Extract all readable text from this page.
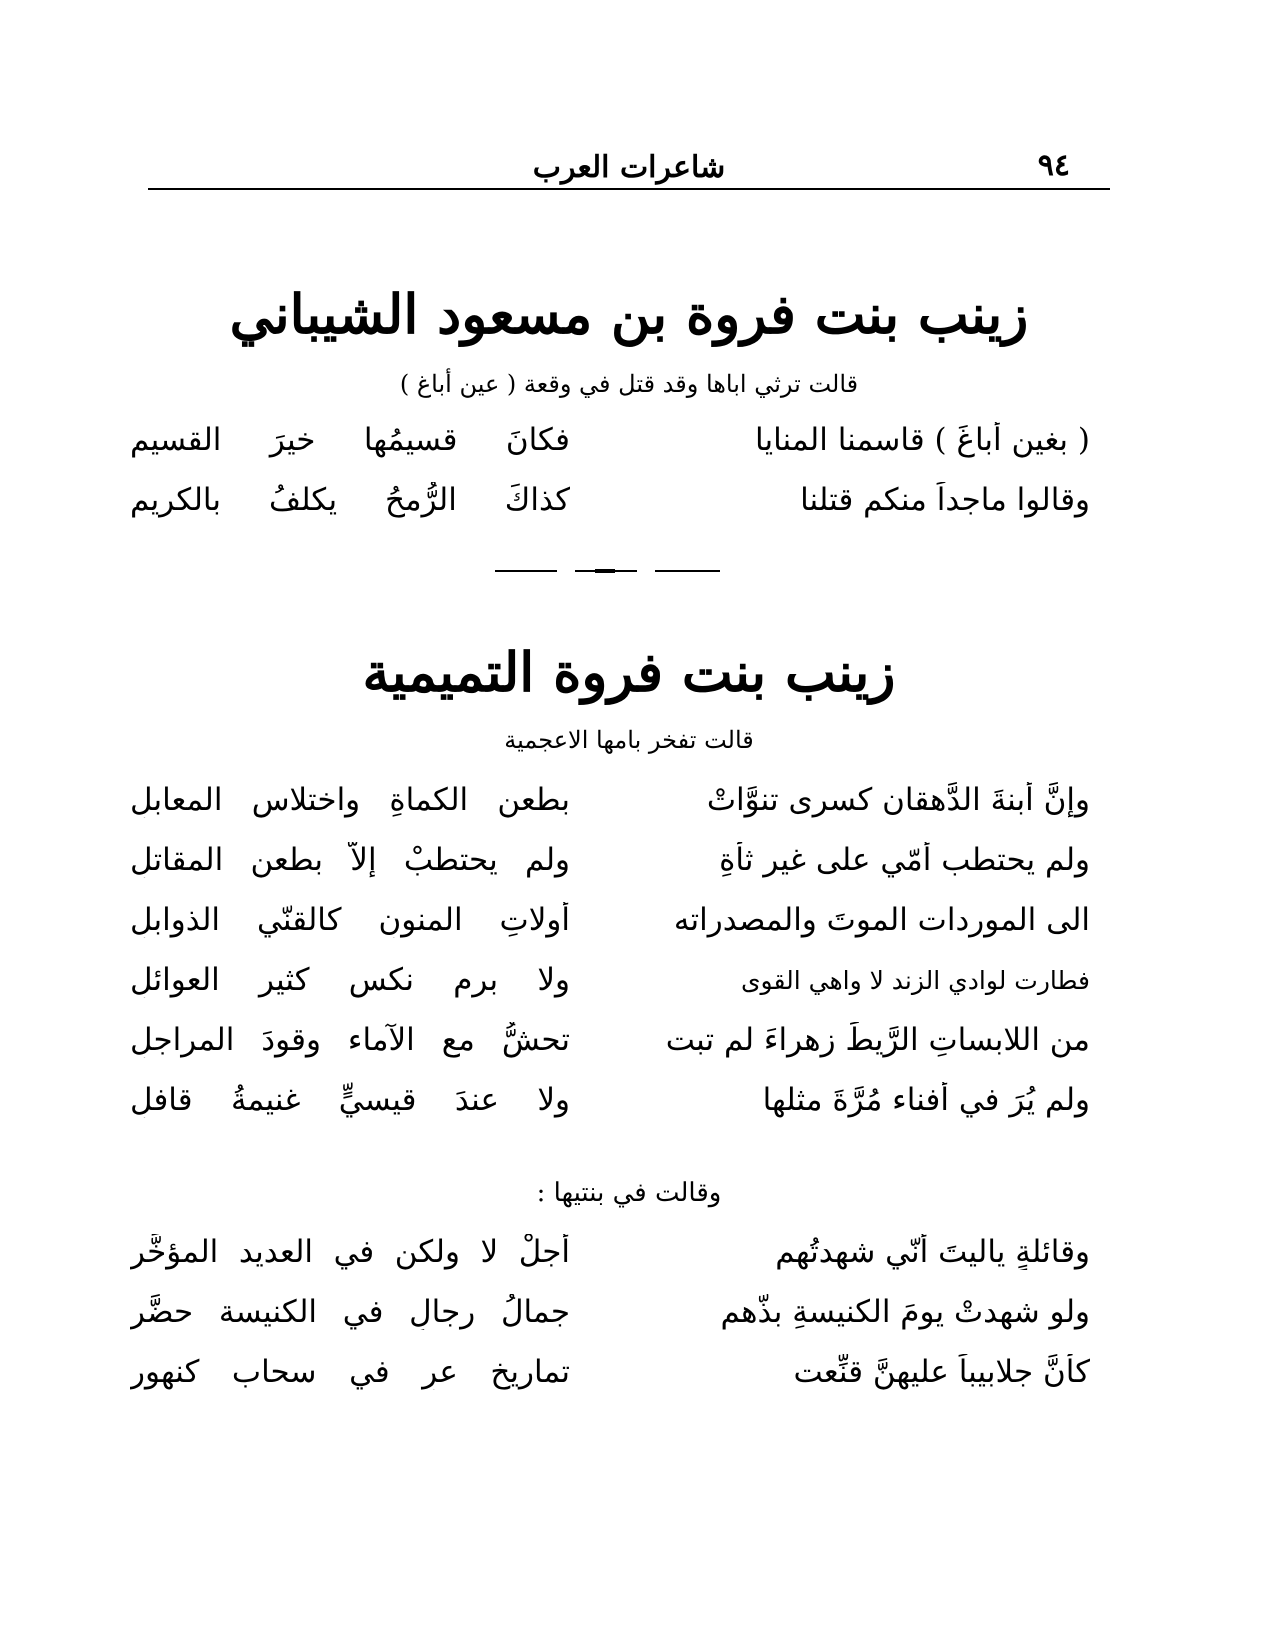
٩٤
شاعرات العرب
زينب بنت فروة بن مسعود الشيباني
قالت ترثي اباها وقد قتل في وقعة ( عين أباغ )
( بغين أباغَ ) قاسمنا المنايا
فكانَ قسيمُها خيرَ القسيم
وقالوا ماجداً منكم قتلنا
كذاكَ الرُّمحُ يكلفُ بالكريم
زينب بنت فروة التميمية
قالت تفخر بامها الاعجمية
وإنَّ أبنةَ الدَّهقان كسرى تنوَّاتْ
بطعنِ الكماةِ واختلاسِ المعابلِ
ولم يحتطب أمّي على غير ثأةِ
ولم يحتطبْ إلاّ بطعنِ المقاتلِ
الى الموردات الموتَ والمصدراته
أولاتِ المنونِ كالقنّي الذوابلِ
فطارت لوادي الزند لا واهي القوى
ولا برمٍ نكسٍ كثيرِ العوائلِ
من اللابساتِ الرَّيطَ زهراءَ لم تبت
تحشُّ مع الآماء وقودَ المراجلِ
ولم يُرَ في أفناء مُرَّةَ مثلها
ولا عندَ قيسيٍّ غنيمةُ قافلِ
وقالت في بنتيها :
وقائلةٍ ياليتَ أنّي شهدتُهم
أجلْ لا ولكن في العديد المؤخَّر
ولو شهدتْ يومَ الكنيسةِ بذَّهم
جمالُ رجالٍ في الكنيسة حضَّر
كأنَّ جلابيباً عليهنَّ قنِّعت
تماريخ عرٍ في سحاب كنهورِ
